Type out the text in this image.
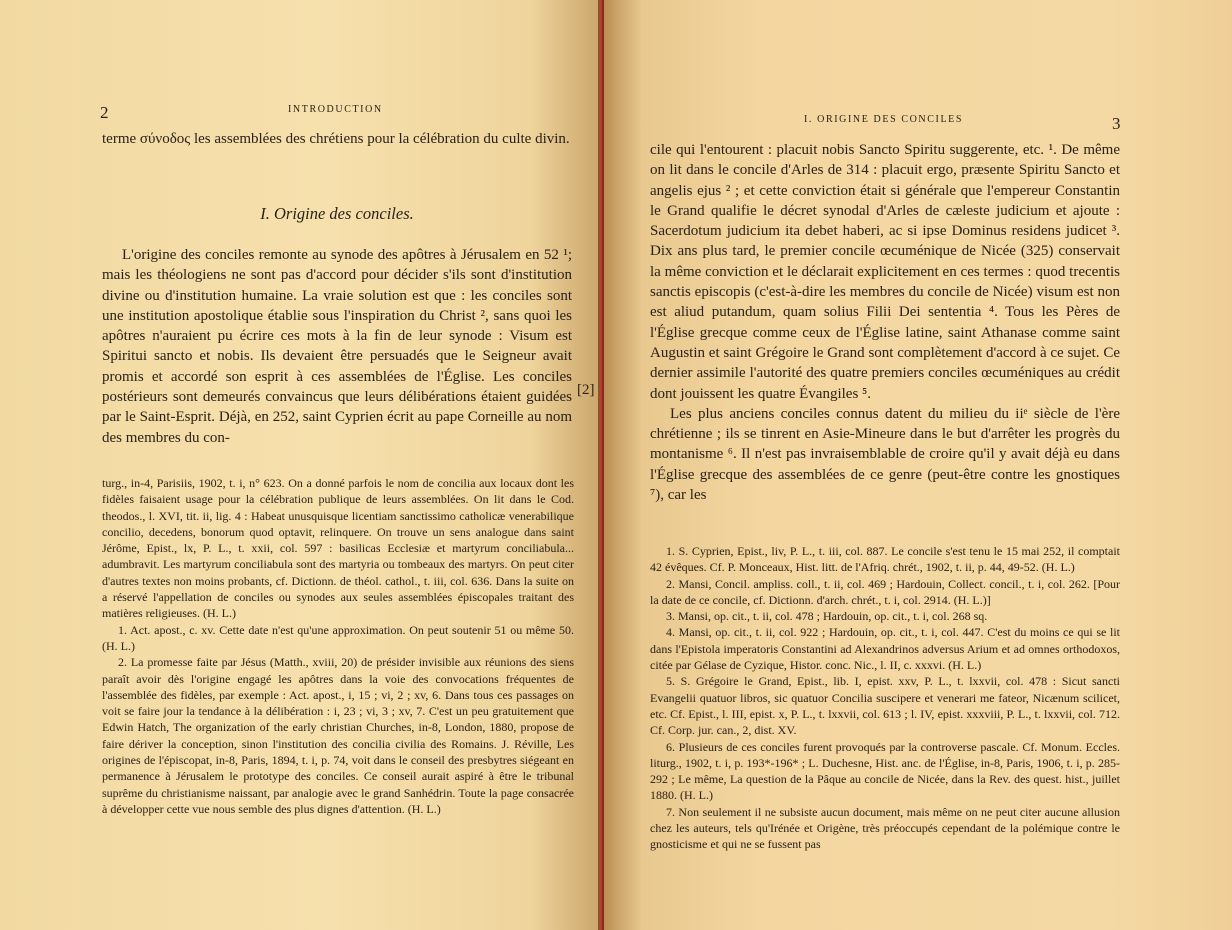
2	INTRODUCTION
terme σύνοδος les assemblées des chrétiens pour la célébration du culte divin.
I. Origine des conciles.
L'origine des conciles remonte au synode des apôtres à Jérusalem en 52 ¹; mais les théologiens ne sont pas d'accord pour décider s'ils sont d'institution divine ou d'institution humaine. La vraie solution est que : les conciles sont une institution apostolique établie sous l'inspiration du Christ ², sans quoi les apôtres n'auraient pu écrire ces mots à la fin de leur synode : Visum est Spiritui sancto et nobis. Ils devaient être persuadés que le Seigneur avait promis et accordé son esprit à ces assemblées de l'Église. Les conciles postérieurs sont demeurés convaincus que leurs délibérations étaient guidées par le Saint-Esprit. Déjà, en 252, saint Cyprien écrit au pape Corneille au nom des membres du con-
[2]

turg., in-4, Parisiis, 1902, t. i, n° 623. On a donné parfois le nom de concilia aux locaux dont les fidèles faisaient usage pour la célébration publique de leurs assemblées. On lit dans le Cod. theodos., l. XVI, tit. ii, lig. 4 : Habeat unusquisque licentiam sanctissimo catholicæ venerabilique concilio, decedens, bonorum quod optavit, relinquere. On trouve un sens analogue dans saint Jérôme, Epist., lx, P. L., t. xxii, col. 597 : basilicas Ecclesiæ et martyrum conciliabula... adumbravit. Les martyrum conciliabula sont des martyria ou tombeaux des martyrs. On peut citer d'autres textes non moins probants, cf. Dictionn. de théol. cathol., t. iii, col. 636. Dans la suite on a réservé l'appellation de conciles ou synodes aux seules assemblées épiscopales traitant des matières religieuses. (H. L.)

1. Act. apost., c. xv. Cette date n'est qu'une approximation. On peut soutenir 51 ou même 50. (H. L.)

2. La promesse faite par Jésus (Matth., xviii, 20) de présider invisible aux réunions des siens paraît avoir dès l'origine engagé les apôtres dans la voie des convocations fréquentes de l'assemblée des fidèles, par exemple : Act. apost., i, 15 ; vi, 2 ; xv, 6. Dans tous ces passages on voit se faire jour la tendance à la délibération : i, 23 ; vi, 3 ; xv, 7. C'est un peu gratuitement que Edwin Hatch, The organization of the early christian Churches, in-8, London, 1880, propose de faire dériver la conception, sinon l'institution des concilia civilia des Romains. J. Réville, Les origines de l'épiscopat, in-8, Paris, 1894, t. i, p. 74, voit dans le conseil des presbytres siégeant en permanence à Jérusalem le prototype des conciles. Ce conseil aurait aspiré à être le tribunal suprême du christianisme naissant, par analogie avec le grand Sanhédrin. Toute la page consacrée à développer cette vue nous semble des plus dignes d'attention. (H. L.)

I. ORIGINE DES CONCILES	3

cile qui l'entourent : placuit nobis Sancto Spiritu suggerente, etc. ¹. De même on lit dans le concile d'Arles de 314 : placuit ergo, præsente Spiritu Sancto et angelis ejus ² ; et cette conviction était si générale que l'empereur Constantin le Grand qualifie le décret synodal d'Arles de cæleste judicium et ajoute : Sacerdotum judicium ita debet haberi, ac si ipse Dominus residens judicet ³. Dix ans plus tard, le premier concile œcuménique de Nicée (325) conservait la même conviction et le déclarait explicitement en ces termes : quod trecentis sanctis episcopis (c'est-à-dire les membres du concile de Nicée) visum est non est aliud putandum, quam solius Filii Dei sententia ⁴. Tous les Pères de l'Église grecque comme ceux de l'Église latine, saint Athanase comme saint Augustin et saint Grégoire le Grand sont complètement d'accord à ce sujet. Ce dernier assimile l'autorité des quatre premiers conciles œcuméniques au crédit dont jouissent les quatre Évangiles ⁵.

Les plus anciens conciles connus datent du milieu du iiᵉ siècle de l'ère chrétienne ; ils se tinrent en Asie-Mineure dans le but d'arrêter les progrès du montanisme ⁶. Il n'est pas invraisemblable de croire qu'il y avait déjà eu dans l'Église grecque des assemblées de ce genre (peut-être contre les gnostiques ⁷), car les

1. S. Cyprien, Epist., liv, P. L., t. iii, col. 887. Le concile s'est tenu le 15 mai 252, il comptait 42 évêques. Cf. P. Monceaux, Hist. litt. de l'Afriq. chrét., 1902, t. ii, p. 44, 49-52. (H. L.)

2. Mansi, Concil. ampliss. coll., t. ii, col. 469 ; Hardouin, Collect. concil., t. i, col. 262. [Pour la date de ce concile, cf. Dictionn. d'arch. chrét., t. i, col. 2914. (H. L.)]

3. Mansi, op. cit., t. ii, col. 478 ; Hardouin, op. cit., t. i, col. 268 sq.

4. Mansi, op. cit., t. ii, col. 922 ; Hardouin, op. cit., t. i, col. 447. C'est du moins ce qui se lit dans l'Epistola imperatoris Constantini ad Alexandrinos adversus Arium et ad omnes orthodoxos, citée par Gélase de Cyzique, Histor. conc. Nic., l. II, c. xxxvi. (H. L.)

5. S. Grégoire le Grand, Epist., lib. I, epist. xxv, P. L., t. lxxvii, col. 478 : Sicut sancti Evangelii quatuor libros, sic quatuor Concilia suscipere et venerari me fateor, Nicænum scilicet, etc. Cf. Epist., l. III, epist. x, P. L., t. lxxvii, col. 613 ; l. IV, epist. xxxviii, P. L., t. lxxvii, col. 712. Cf. Corp. jur. can., 2, dist. XV.

6. Plusieurs de ces conciles furent provoqués par la controverse pascale. Cf. Monum. Eccles. liturg., 1902, t. i, p. 193*-196* ; L. Duchesne, Hist. anc. de l'Église, in-8, Paris, 1906, t. i, p. 285-292 ; Le même, La question de la Pâque au concile de Nicée, dans la Rev. des quest. hist., juillet 1880. (H. L.)

7. Non seulement il ne subsiste aucun document, mais même on ne peut citer aucune allusion chez les auteurs, tels qu'Irénée et Origène, très préoccupés cependant de la polémique contre le gnosticisme et qui ne se fussent pas
